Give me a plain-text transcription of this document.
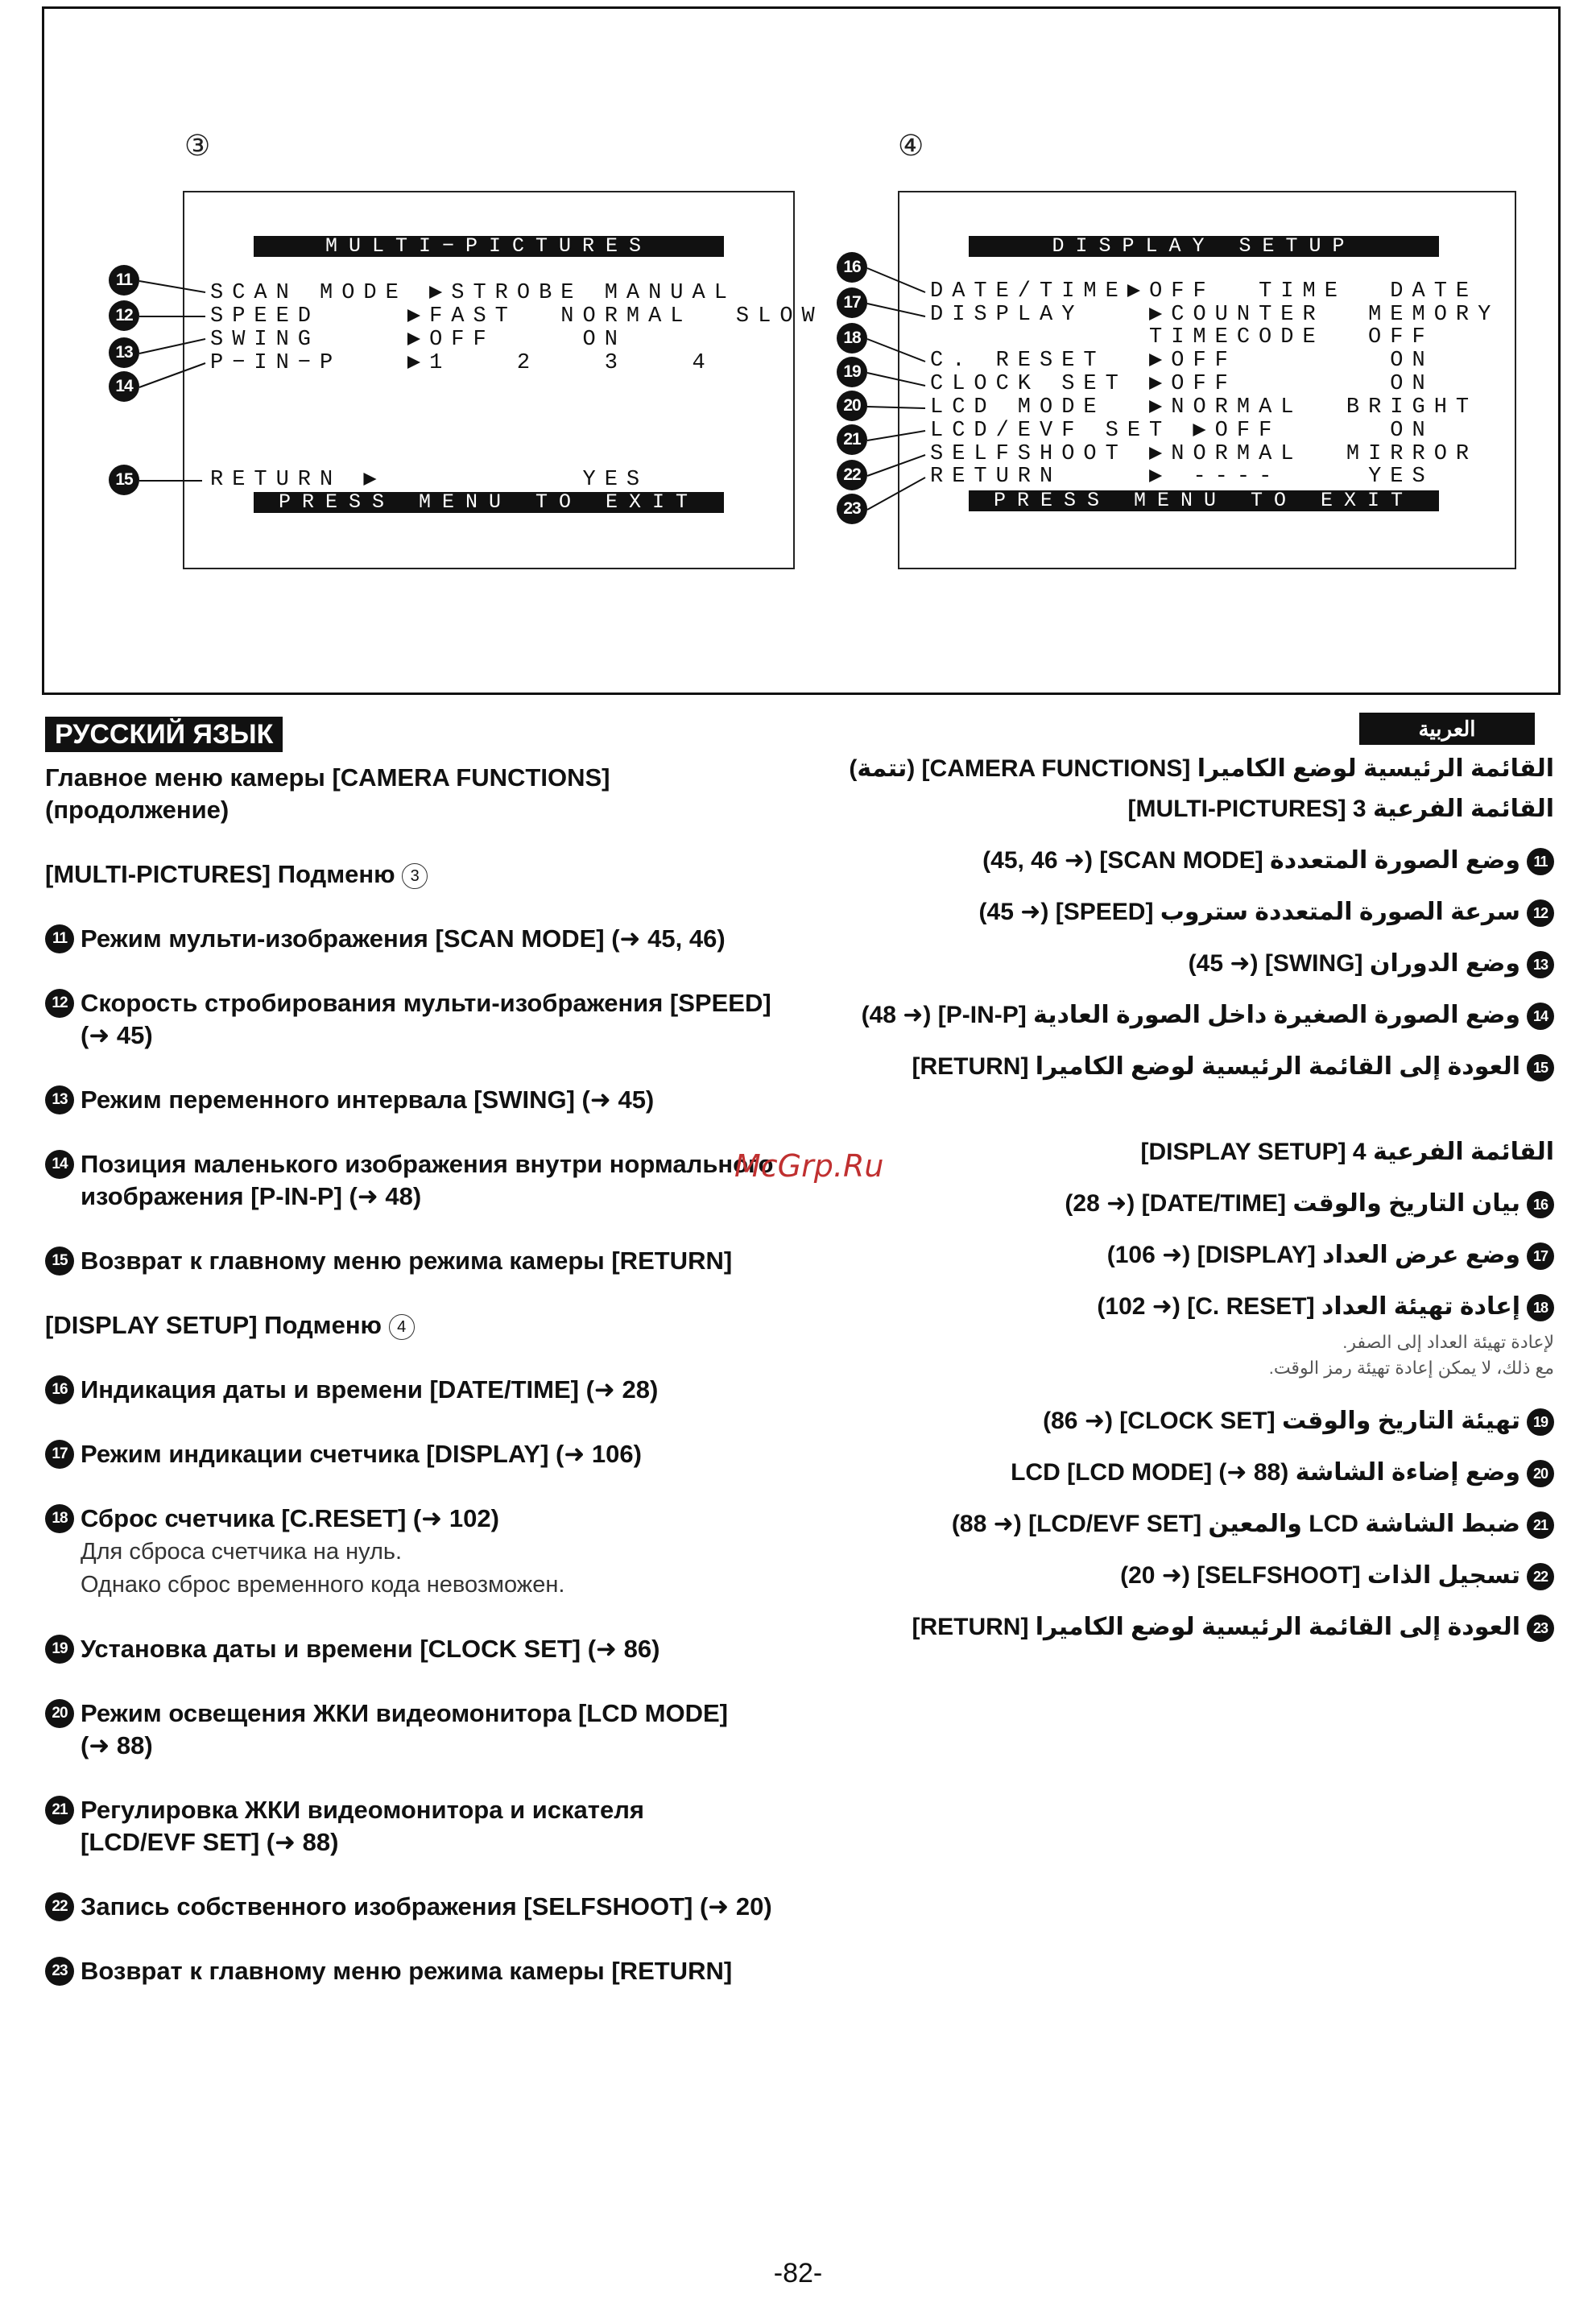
③

MULTI−PICTURES

SCAN MODE ▶STROBE MANUAL

SPEED    ▶FAST  NORMAL  SLOW

SWING    ▶OFF    ON

P−IN−P   ▶1   2   3   4

RETURN ▶         YES

PRESS MENU TO EXIT

④

DISPLAY SETUP

DATE/TIME▶OFF  TIME  DATE

DISPLAY   ▶COUNTER  MEMORY

TIMECODE  OFF

C. RESET  ▶OFF       ON

CLOCK SET ▶OFF       ON

LCD MODE  ▶NORMAL  BRIGHT

LCD/EVF SET ▶OFF     ON

SELFSHOOT ▶NORMAL  MIRROR

RETURN    ▶ ----    YES

PRESS MENU TO EXIT

11
12
13
14
15
16
17
18
19
20
21
22
23
РУССКИЙ ЯЗЫК	العربية

Главное меню камеры [CAMERA FUNCTIONS]

(продолжение)

[MULTI-PICTURES] Подменю 3

11 Режим мульти-изображения [SCAN MODE] (➜ 45, 46)
12 Скорость стробирования мульти-изображения [SPEED]
(➜ 45)
13 Режим переменного интервала [SWING] (➜ 45)
14 Позиция маленького изображения внутри нормального
изображения [P-IN-P] (➜ 48)
15 Возврат к главному меню режима камеры [RETURN]

[DISPLAY SETUP] Подменю 4

16 Индикация даты и времени [DATE/TIME] (➜ 28)
17 Режим индикации счетчика [DISPLAY] (➜ 106)
18 Сброс счетчика [C.RESET] (➜ 102)
Для сброса счетчика на нуль.
Однако сброс временного кода невозможен.
19 Установка даты и времени [CLOCK SET] (➜ 86)
20 Режим освещения ЖКИ видеомонитора [LCD MODE]
(➜ 88)
21 Регулировка ЖКИ видеомонитора и искателя
[LCD/EVF SET] (➜ 88)
22 Запись собственного изображения [SELFSHOOT] (➜ 20)
23 Возврат к главному меню режима камеры [RETURN]
القائمة الرئيسية لوضع الكاميرا [CAMERA FUNCTIONS] (تتمة)
القائمة الفرعية 3 [MULTI-PICTURES]
11وضع الصورة المتعددة [SCAN MODE] (➜ 45, 46)
12سرعة الصورة المتعددة ستروب [SPEED] (➜ 45)
13وضع الدوران [SWING] (➜ 45)
14وضع الصورة الصغيرة داخل الصورة العادية [P-IN-P] (➜ 48)
15العودة إلى القائمة الرئيسية لوضع الكاميرا [RETURN]
القائمة الفرعية 4 [DISPLAY SETUP]
16بيان التاريخ والوقت [DATE/TIME] (➜ 28)
17وضع عرض العداد [DISPLAY] (➜ 106)
18إعادة تهيئة العداد [C. RESET] (➜ 102)
لإعادة تهيئة العداد إلى الصفر.
مع ذلك، لا يمكن إعادة تهيئة رمز الوقت.
19تهيئة التاريخ والوقت [CLOCK SET] (➜ 86)
20وضع إضاءة الشاشة LCD [LCD MODE] (➜ 88)
21ضبط الشاشة LCD والمعين [LCD/EVF SET] (➜ 88)
22تسجيل الذات [SELFSHOOT] (➜ 20)
23العودة إلى القائمة الرئيسية لوضع الكاميرا [RETURN]
McGrp.Ru
-82-
